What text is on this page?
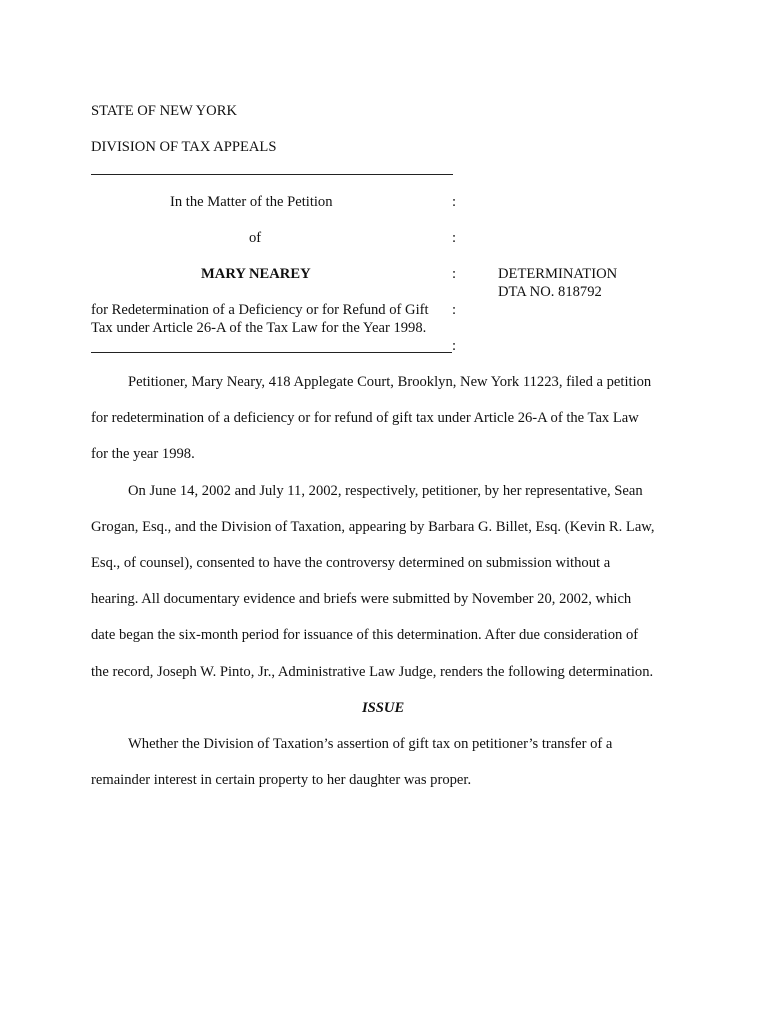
STATE OF NEW YORK
DIVISION OF TAX APPEALS
In the Matter of the Petition	:
of	:
MARY NEAREY	:	DETERMINATION
DTA NO. 818792
for Redetermination of a Deficiency or for Refund of Gift :
Tax under Article 26-A of the Tax Law for the Year 1998.
:
Petitioner, Mary Neary, 418 Applegate Court, Brooklyn, New York 11223, filed a petition
for redetermination of a deficiency or for refund of gift tax under Article 26-A of the Tax Law
for the year 1998.
On June 14, 2002 and July 11, 2002, respectively, petitioner, by her representative, Sean
Grogan, Esq., and the Division of Taxation, appearing by Barbara G. Billet, Esq. (Kevin R. Law,
Esq., of counsel), consented to have the controversy determined on submission without a
hearing. All documentary evidence and briefs were submitted by November 20, 2002, which
date began the six-month period for issuance of this determination. After due consideration of
the record, Joseph W. Pinto, Jr., Administrative Law Judge, renders the following determination.
ISSUE
Whether the Division of Taxation’s assertion of gift tax on petitioner’s transfer of a
remainder interest in certain property to her daughter was proper.
